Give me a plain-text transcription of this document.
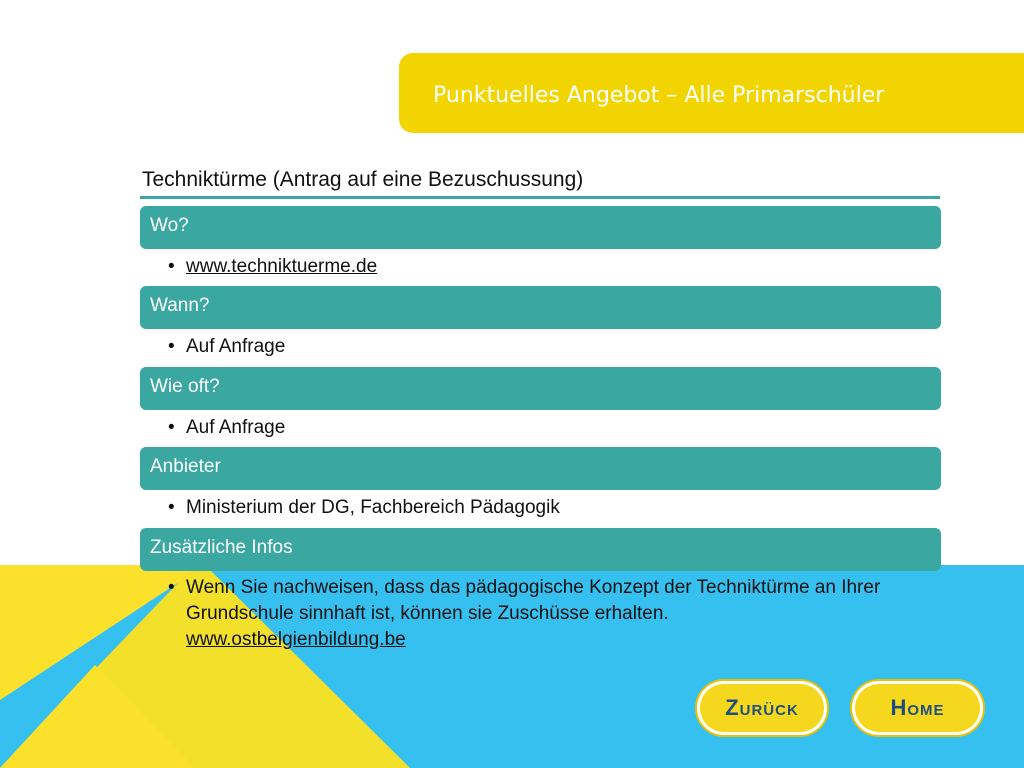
Punktuelles Angebot – Alle Primarschüler
Techniktürme (Antrag auf eine Bezuschussung)
Wo?
• www.techniktuerme.de
Wann?
• Auf Anfrage
Wie oft?
• Auf Anfrage
Anbieter
• Ministerium der DG, Fachbereich Pädagogik
Zusätzliche Infos
• Wenn Sie nachweisen, dass das pädagogische Konzept der Techniktürme an Ihrer Grundschule sinnhaft ist, können sie Zuschüsse erhalten.
www.ostbelgienbildung.be
Zurück	Home
